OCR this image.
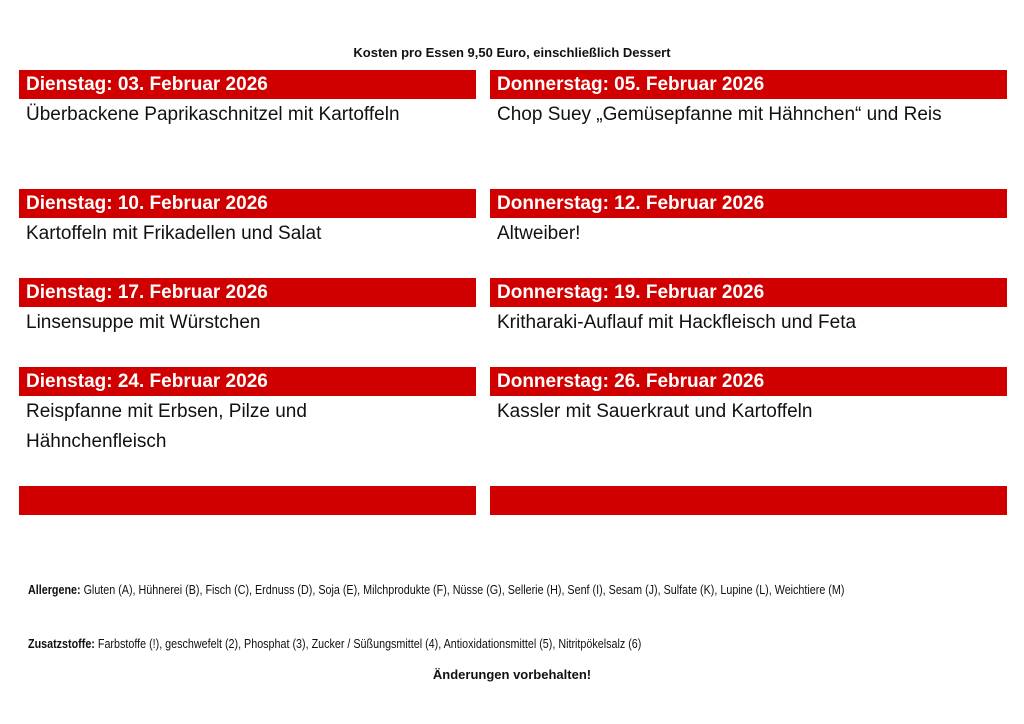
Kosten pro Essen 9,50 Euro, einschließlich Dessert
Dienstag: 03. Februar 2026
Überbackene Paprikaschnitzel mit Kartoffeln
Donnerstag: 05. Februar 2026
Chop Suey „Gemüsepfanne mit Hähnchen“ und Reis
Dienstag: 10. Februar 2026
Kartoffeln mit Frikadellen und Salat
Donnerstag: 12. Februar 2026
Altweiber!
Dienstag: 17. Februar 2026
Linsensuppe mit Würstchen
Donnerstag: 19. Februar 2026
Kritharaki-Auflauf mit Hackfleisch und Feta
Dienstag: 24. Februar 2026
Reispfanne mit Erbsen, Pilze und Hähnchenfleisch
Donnerstag: 26. Februar 2026
Kassler mit Sauerkraut und Kartoffeln
Allergene: Gluten (A), Hühnerei (B), Fisch (C), Erdnuss (D), Soja (E), Milchprodukte (F), Nüsse (G), Sellerie (H), Senf (I), Sesam (J), Sulfate (K), Lupine (L), Weichtiere (M)
Zusatzstoffe: Farbstoffe (!), geschwefelt (2), Phosphat (3), Zucker / Süßungsmittel (4), Antioxidationsmittel (5), Nitritpökelsalz (6)
Änderungen vorbehalten!
